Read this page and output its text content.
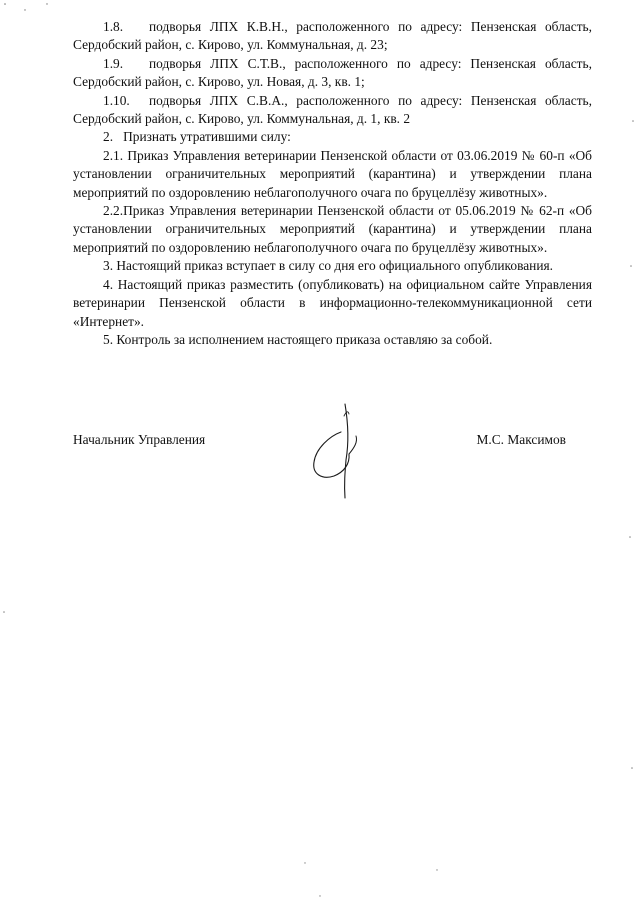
1.8. подворья ЛПХ К.В.Н., расположенного по адресу: Пензенская область, Сердобский район, с. Кирово, ул. Коммунальная, д. 23;

1.9. подворья ЛПХ С.Т.В., расположенного по адресу: Пензенская область, Сердобский район, с. Кирово, ул. Новая, д. 3, кв. 1;

1.10. подворья ЛПХ С.В.А., расположенного по адресу: Пензенская область, Сердобский район, с. Кирово, ул. Коммунальная, д. 1, кв. 2

2. Признать утратившими силу:

2.1. Приказ Управления ветеринарии Пензенской области от 03.06.2019 № 60-п «Об установлении ограничительных мероприятий (карантина) и утверждении плана мероприятий по оздоровлению неблагополучного очага по бруцеллёзу животных».

2.2.Приказ Управления ветеринарии Пензенской области от 05.06.2019 № 62-п «Об установлении ограничительных мероприятий (карантина) и утверждении плана мероприятий по оздоровлению неблагополучного очага по бруцеллёзу животных».

3. Настоящий приказ вступает в силу со дня его официального опубликования.

4. Настоящий приказ разместить (опубликовать) на официальном сайте Управления ветеринарии Пензенской области в информационно-телекоммуникационной сети «Интернет».

5. Контроль за исполнением настоящего приказа оставляю за собой.

Начальник Управления	М.С. Максимов
